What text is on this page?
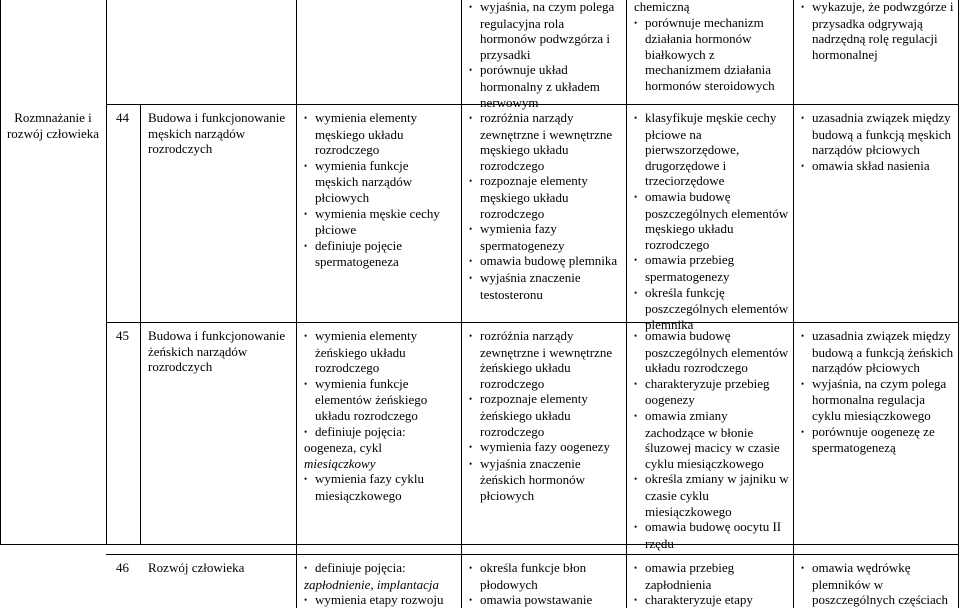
Rozmnażanie i rozwój człowieka
44 Budowa i funkcjonowanie męskich narządów rozrodczych

• wymienia elementy męskiego układu rozrodczego

• wymienia funkcje męskich narządów płciowych

• wymienia męskie cechy płciowe

• definiuje pojęcie spermatogeneza

• rozróżnia narządy zewnętrzne i wewnętrzne męskiego układu rozrodczego

• rozpoznaje elementy męskiego układu rozrodczego

• wymienia fazy spermatogenezy

• omawia budowę plemnika

• wyjaśnia znaczenie testosteronu

• klasyfikuje męskie cechy płciowe na pierwszorzędowe, drugorzędowe i trzeciorzędowe

• omawia budowę poszczególnych elementów męskiego układu rozrodczego

• omawia przebieg spermatogenezy

• określa funkcję poszczególnych elementów plemnika

• uzasadnia związek między budową a funkcją męskich narządów płciowych

• omawia skład nasienia

• wyjaśnia, na czym polega regulacyjna rola hormonów podwzgórza i przysadki

• porównuje układ hormonalny z układem nerwowym

chemiczną

• porównuje mechanizm działania hormonów białkowych z mechanizmem działania hormonów steroidowych

• wykazuje, że podwzgórze i przysadka odgrywają nadrzędną rolę regulacji hormonalnej

45 Budowa i funkcjonowanie żeńskich narządów rozrodczych

• wymienia elementy żeńskiego układu rozrodczego

• wymienia funkcje elementów żeńskiego układu rozrodczego

• definiuje pojęcia:

oogeneza, cykl

miesiączkowy

• wymienia fazy cyklu miesiączkowego

• rozróżnia narządy zewnętrzne i wewnętrzne żeńskiego układu rozrodczego

• rozpoznaje elementy żeńskiego układu rozrodczego

• wymienia fazy oogenezy

• wyjaśnia znaczenie żeńskich hormonów płciowych

• omawia budowę poszczególnych elementów układu rozrodczego

• charakteryzuje przebieg oogenezy

• omawia zmiany zachodzące w błonie śluzowej macicy w czasie cyklu miesiączkowego

• określa zmiany w jajniku w czasie cyklu miesiączkowego

• omawia budowę oocytu II rzędu

• uzasadnia związek między budową a funkcją żeńskich narządów płciowych

• wyjaśnia, na czym polega hormonalna regulacja cyklu miesiączkowego

• porównuje oogenezę ze spermatogenezą

46 Rozwój człowieka

•	definiuje pojęcia:

zapłodnienie, implantacja

• wymienia etapy rozwoju

• określa funkcje błon płodowych

• omawia powstawanie

• omawia przebieg zapłodnienia

• charakteryzuje etapy

• omawia wędrówkę plemników w poszczególnych częściach
